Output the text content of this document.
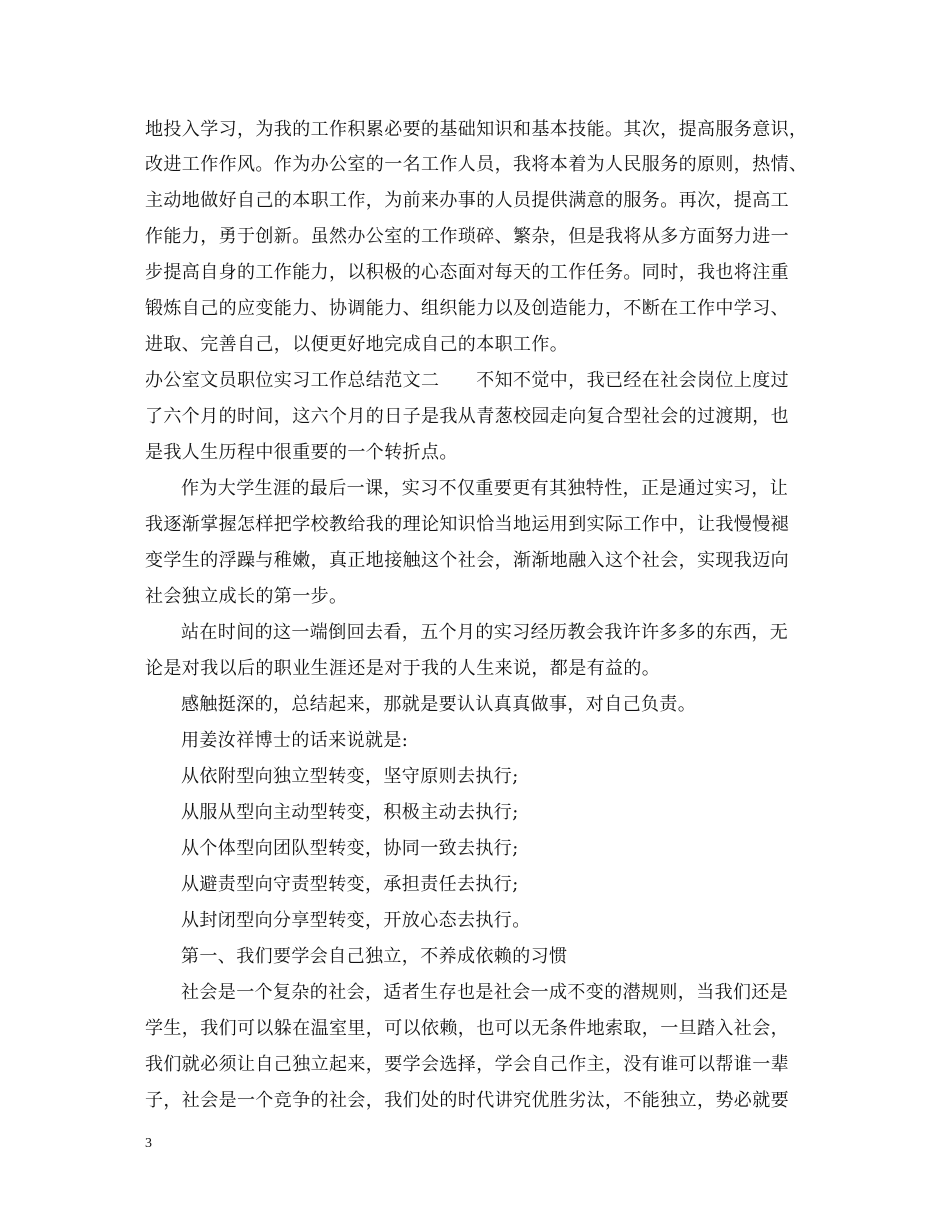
地投入学习，为我的工作积累必要的基础知识和基本技能。其次，提高服务意识，
改进工作作风。作为办公室的一名工作人员，我将本着为人民服务的原则，热情、
主动地做好自己的本职工作，为前来办事的人员提供满意的服务。再次，提高工
作能力，勇于创新。虽然办公室的工作琐碎、繁杂，但是我将从多方面努力进一
步提高自身的工作能力，以积极的心态面对每天的工作任务。同时，我也将注重
锻炼自己的应变能力、协调能力、组织能力以及创造能力，不断在工作中学习、
进取、完善自己，以便更好地完成自己的本职工作。
办公室文员职位实习工作总结范文二　　不知不觉中，我已经在社会岗位上度过
了六个月的时间，这六个月的日子是我从青葱校园走向复合型社会的过渡期，也
是我人生历程中很重要的一个转折点。
作为大学生涯的最后一课，实习不仅重要更有其独特性，正是通过实习，让
我逐渐掌握怎样把学校教给我的理论知识恰当地运用到实际工作中，让我慢慢褪
变学生的浮躁与稚嫩，真正地接触这个社会，渐渐地融入这个社会，实现我迈向
社会独立成长的第一步。
站在时间的这一端倒回去看，五个月的实习经历教会我许许多多的东西，无
论是对我以后的职业生涯还是对于我的人生来说，都是有益的。
感触挺深的，总结起来，那就是要认认真真做事，对自己负责。
用姜汝祥博士的话来说就是:
从依附型向独立型转变，坚守原则去执行;
从服从型向主动型转变，积极主动去执行;
从个体型向团队型转变，协同一致去执行;
从避责型向守责型转变，承担责任去执行;
从封闭型向分享型转变，开放心态去执行。
第一、我们要学会自己独立，不养成依赖的习惯
社会是一个复杂的社会，适者生存也是社会一成不变的潜规则，当我们还是
学生，我们可以躲在温室里，可以依赖，也可以无条件地索取，一旦踏入社会，
我们就必须让自己独立起来，要学会选择，学会自己作主，没有谁可以帮谁一辈
子，社会是一个竞争的社会，我们处的时代讲究优胜劣汰，不能独立，势必就要
3
